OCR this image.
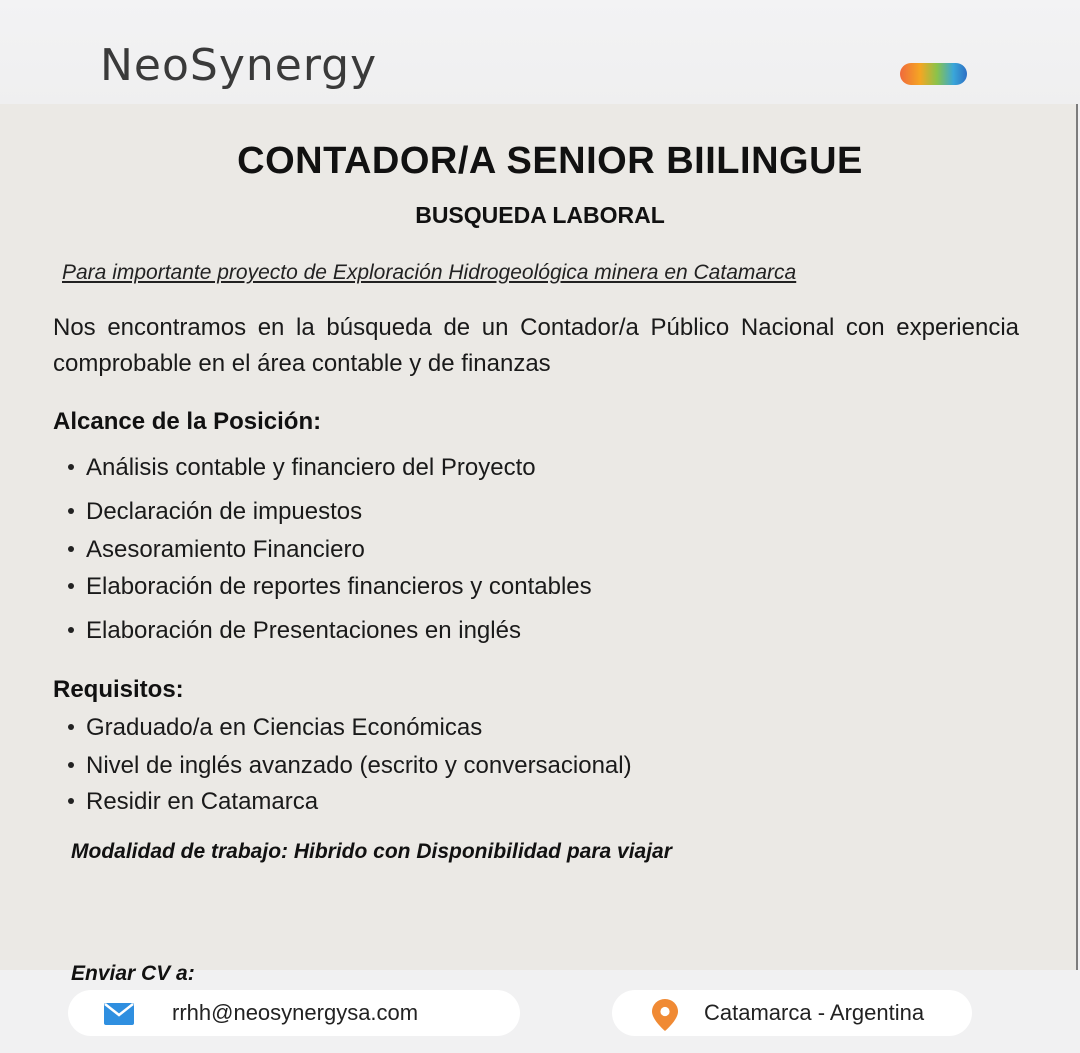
NeoSynergy
CONTADOR/A SENIOR BIILINGUE
BUSQUEDA LABORAL

Para importante proyecto de Exploración Hidrogeológica minera en Catamarca

Nos encontramos en la búsqueda de un Contador/a Público Nacional con experiencia comprobable en el área contable y de finanzas

Alcance de la Posición:
Análisis contable y financiero del Proyecto
Declaración de impuestos
Asesoramiento Financiero
Elaboración de reportes financieros y contables
Elaboración de Presentaciones en inglés
Requisitos:
Graduado/a en Ciencias Económicas
Nivel de inglés avanzado (escrito y conversacional)
Residir en Catamarca

Modalidad de trabajo: Hibrido con Disponibilidad para viajar

Enviar CV a:

rrhh@neosynergysa.com	Catamarca - Argentina
